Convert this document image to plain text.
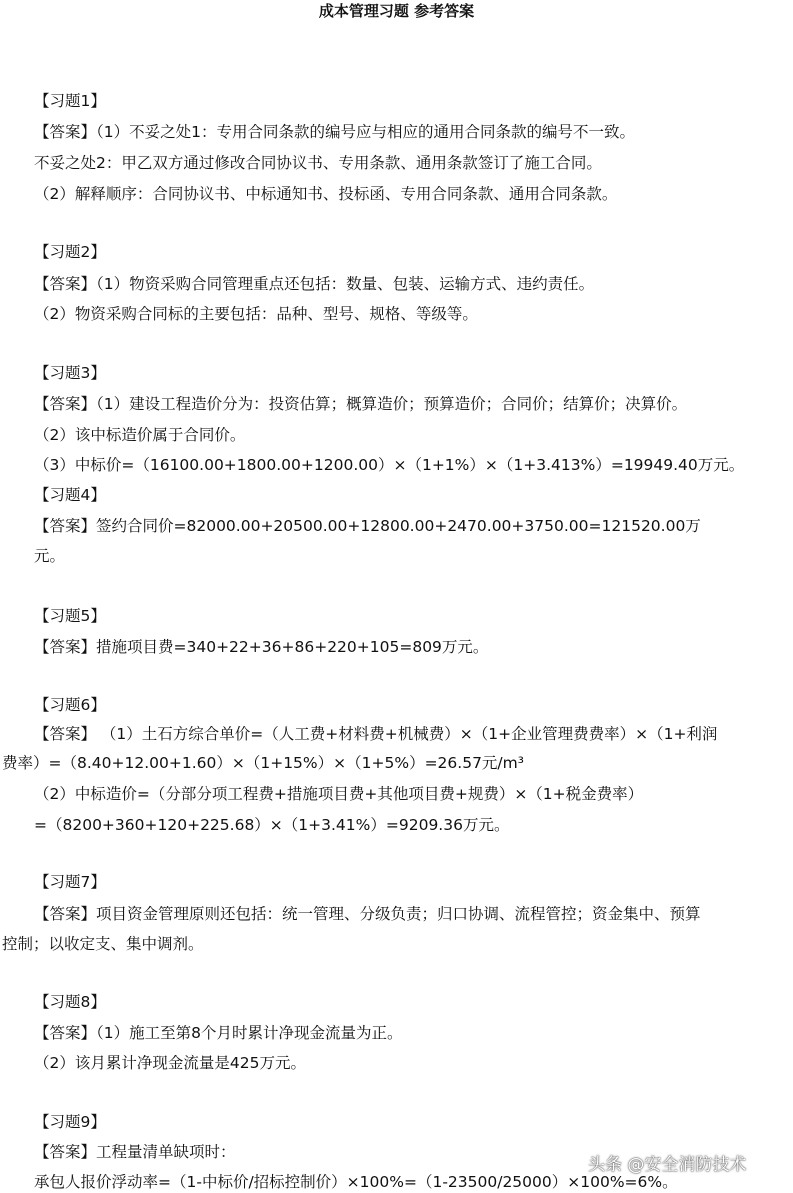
成本管理习题 参考答案
【习题1】
【答案】（1）不妥之处1：专用合同条款的编号应与相应的通用合同条款的编号不一致。
不妥之处2：甲乙双方通过修改合同协议书、专用条款、通用条款签订了施工合同。
（2）解释顺序：合同协议书、中标通知书、投标函、专用合同条款、通用合同条款。
【习题2】
【答案】（1）物资采购合同管理重点还包括：数量、包装、运输方式、违约责任。
（2）物资采购合同标的主要包括：品种、型号、规格、等级等。
【习题3】
【答案】（1）建设工程造价分为：投资估算；概算造价；预算造价；合同价；结算价；决算价。
（2）该中标造价属于合同价。
（3）中标价=（16100.00+1800.00+1200.00）×（1+1%）×（1+3.413%）=19949.40万元。
【习题4】
【答案】签约合同价=82000.00+20500.00+12800.00+2470.00+3750.00=121520.00万
元。
【习题5】
【答案】措施项目费=340+22+36+86+220+105=809万元。
【习题6】
【答案】 （1）土石方综合单价=（人工费+材料费+机械费）×（1+企业管理费费率）×（1+利润
费率）=（8.40+12.00+1.60）×（1+15%）×（1+5%）=26.57元/m³
（2）中标造价=（分部分项工程费+措施项目费+其他项目费+规费）×（1+税金费率）
=（8200+360+120+225.68）×（1+3.41%）=9209.36万元。
【习题7】
【答案】项目资金管理原则还包括：统一管理、分级负责；归口协调、流程管控；资金集中、预算
控制；以收定支、集中调剂。
【习题8】
【答案】（1）施工至第8个月时累计净现金流量为正。
（2）该月累计净现金流量是425万元。
【习题9】
【答案】工程量清单缺项时：
承包人报价浮动率=（1-中标价/招标控制价）×100%=（1-23500/25000）×100%=6%。
头条 @安全消防技术
